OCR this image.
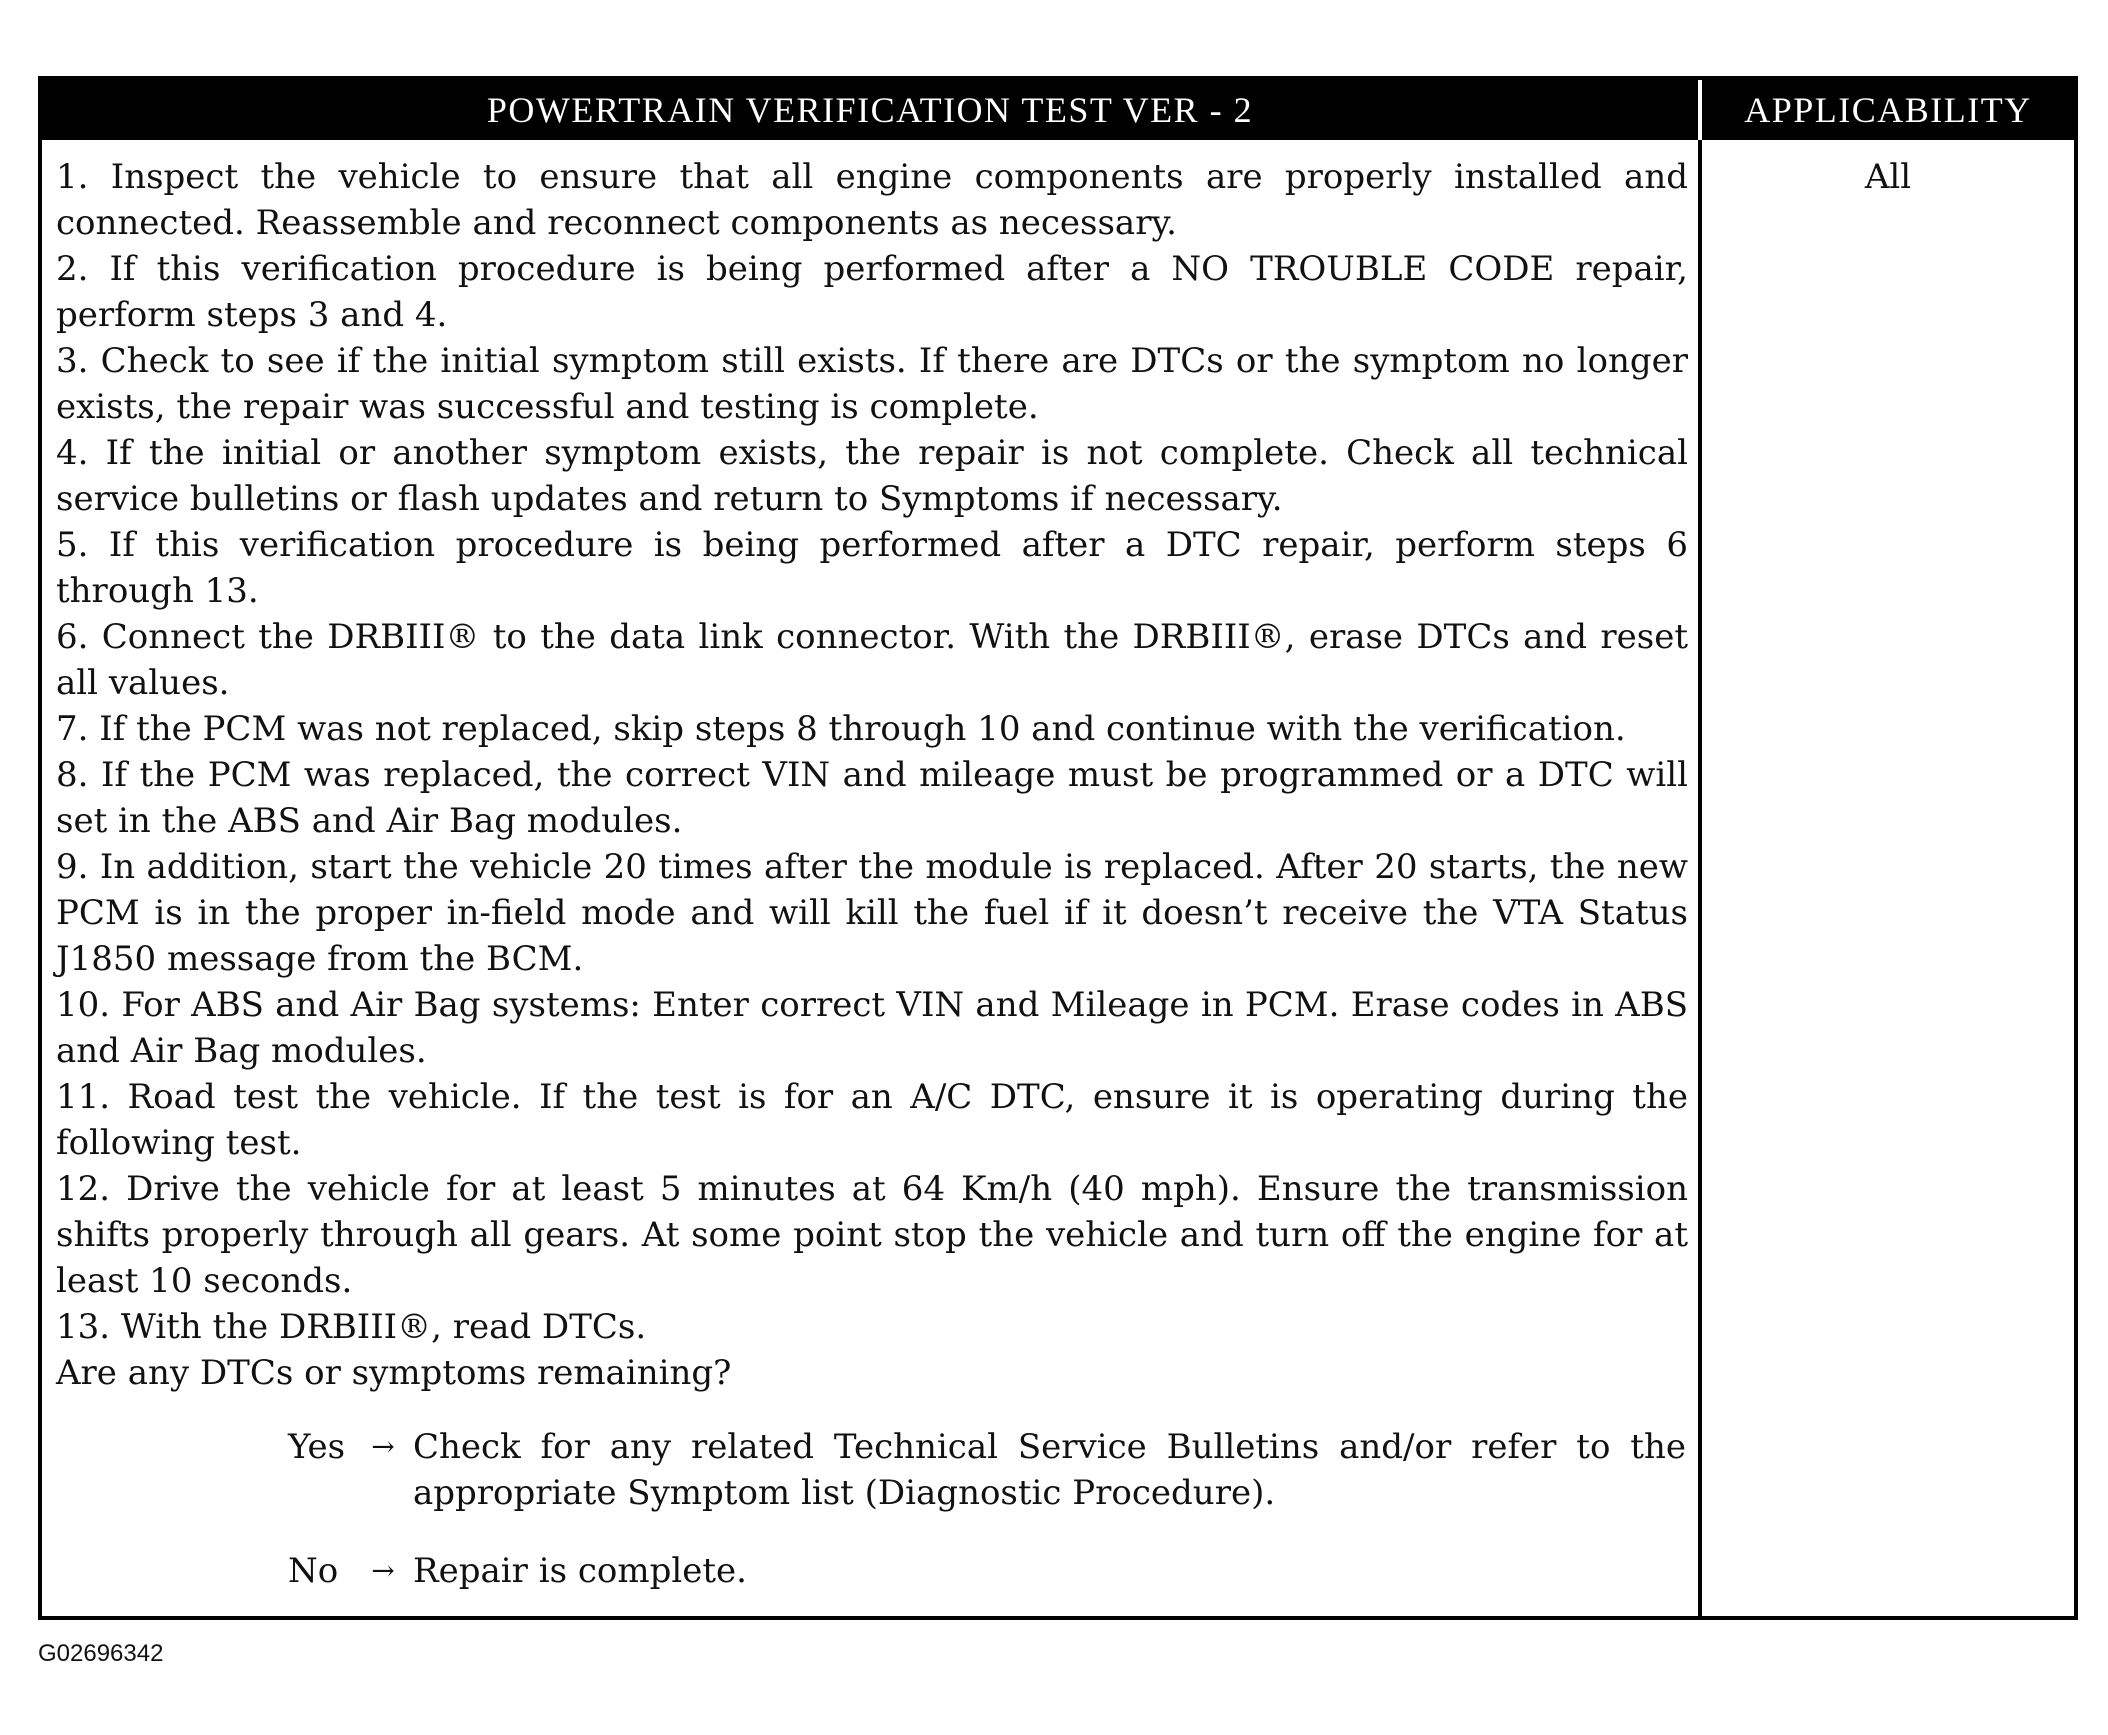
POWERTRAIN VERIFICATION TEST VER - 2	APPLICABILITY

1. Inspect the vehicle to ensure that all engine components are properly installed and connected. Reassemble and reconnect components as necessary.

2. If this verification procedure is being performed after a NO TROUBLE CODE repair, perform steps 3 and 4.

3. Check to see if the initial symptom still exists. If there are DTCs or the symptom no longer exists, the repair was successful and testing is complete.

4. If the initial or another symptom exists, the repair is not complete. Check all technical service bulletins or flash updates and return to Symptoms if necessary.

5. If this verification procedure is being performed after a DTC repair, perform steps 6 through 13.

6. Connect the DRBIII® to the data link connector. With the DRBIII®, erase DTCs and reset all values.

7. If the PCM was not replaced, skip steps 8 through 10 and continue with the verification.

8. If the PCM was replaced, the correct VIN and mileage must be programmed or a DTC will set in the ABS and Air Bag modules.

9. In addition, start the vehicle 20 times after the module is replaced. After 20 starts, the new PCM is in the proper in-field mode and will kill the fuel if it doesn’t receive the VTA Status J1850 message from the BCM.

10. For ABS and Air Bag systems: Enter correct VIN and Mileage in PCM. Erase codes in ABS and Air Bag modules.

11. Road test the vehicle. If the test is for an A/C DTC, ensure it is operating during the following test.

12. Drive the vehicle for at least 5 minutes at 64 Km/h (40 mph). Ensure the transmission shifts properly through all gears. At some point stop the vehicle and turn off the engine for at least 10 seconds.

13. With the DRBIII®, read DTCs.

Are any DTCs or symptoms remaining?

Yes → Check for any related Technical Service Bulletins and/or refer to the appropriate Symptom list (Diagnostic Procedure).
No	→ Repair is complete.
All
G02696342
